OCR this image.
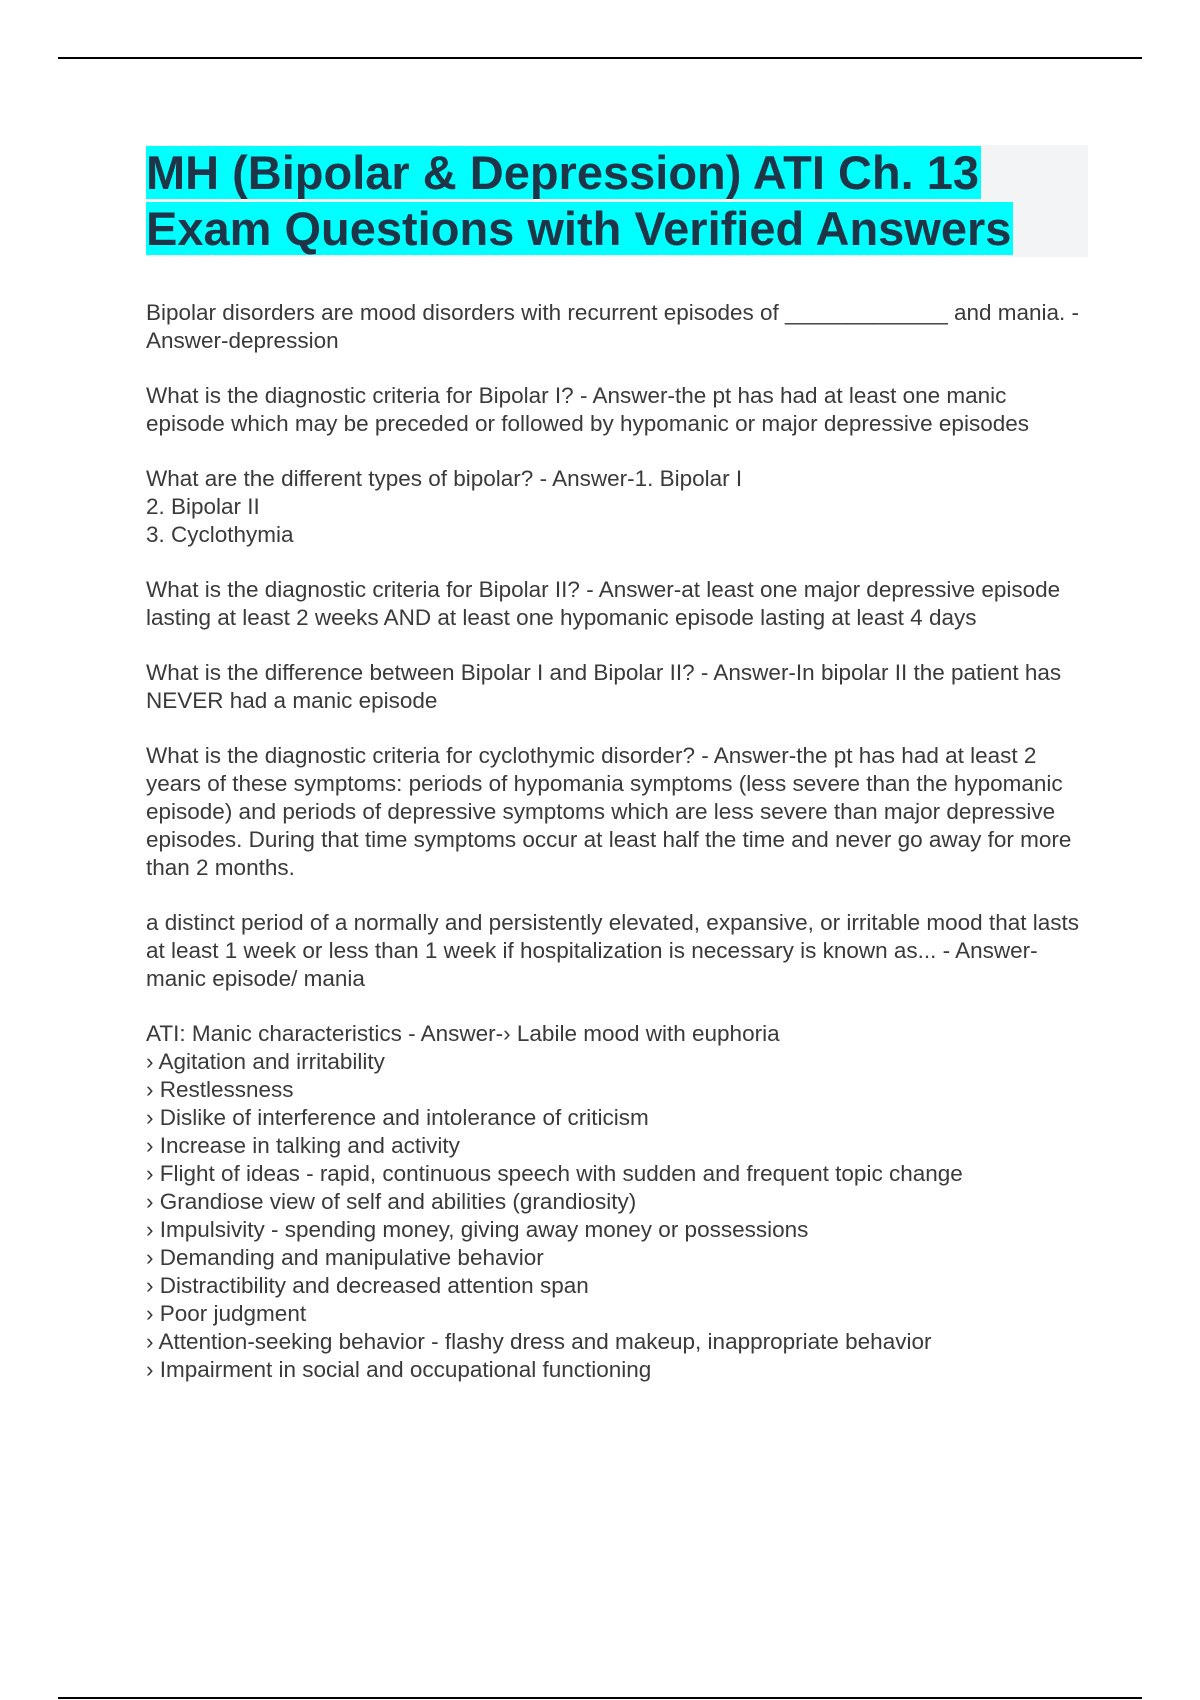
MH (Bipolar & Depression) ATI Ch. 13
Exam Questions with Verified Answers

Bipolar disorders are mood disorders with recurrent episodes of _____________ and mania. - Answer-depression

What is the diagnostic criteria for Bipolar I? - Answer-the pt has had at least one manic episode which may be preceded or followed by hypomanic or major depressive episodes

What are the different types of bipolar? - Answer-1. Bipolar I
2. Bipolar II
3. Cyclothymia

What is the diagnostic criteria for Bipolar II? - Answer-at least one major depressive episode lasting at least 2 weeks AND at least one hypomanic episode lasting at least 4 days

What is the difference between Bipolar I and Bipolar II? - Answer-In bipolar II the patient has NEVER had a manic episode

What is the diagnostic criteria for cyclothymic disorder? - Answer-the pt has had at least 2 years of these symptoms: periods of hypomania symptoms (less severe than the hypomanic episode) and periods of depressive symptoms which are less severe than major depressive episodes. During that time symptoms occur at least half the time and never go away for more than 2 months.

a distinct period of a normally and persistently elevated, expansive, or irritable mood that lasts at least 1 week or less than 1 week if hospitalization is necessary is known as... - Answer-manic episode/ mania

ATI: Manic characteristics - Answer-› Labile mood with euphoria
› Agitation and irritability
› Restlessness
› Dislike of interference and intolerance of criticism
› Increase in talking and activity
› Flight of ideas - rapid, continuous speech with sudden and frequent topic change
› Grandiose view of self and abilities (grandiosity)
› Impulsivity - spending money, giving away money or possessions
› Demanding and manipulative behavior
› Distractibility and decreased attention span
› Poor judgment
› Attention-seeking behavior - flashy dress and makeup, inappropriate behavior
› Impairment in social and occupational functioning
